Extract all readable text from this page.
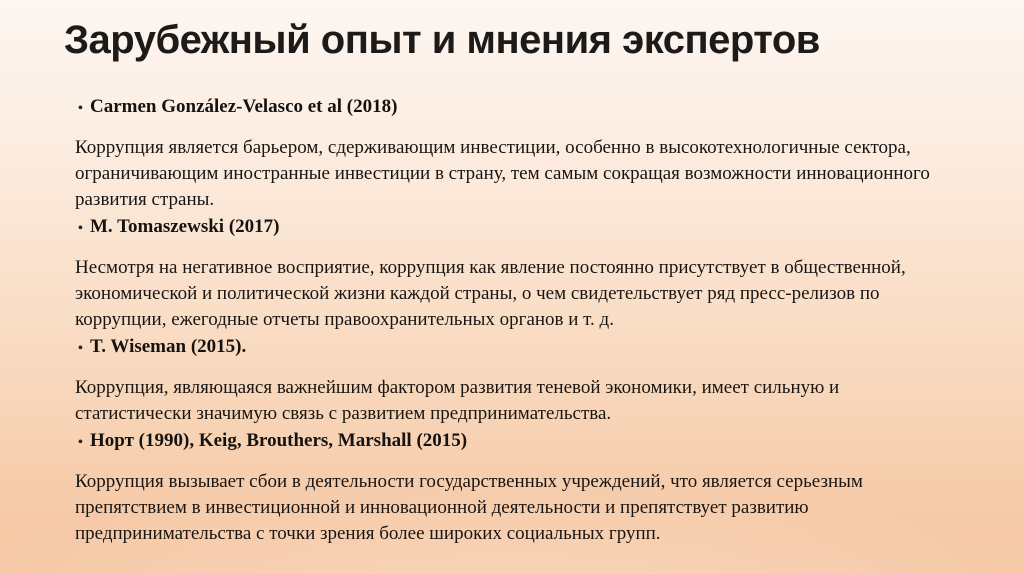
Зарубежный опыт и мнения экспертов
• Carmen González-Velasco et al (2018)

Коррупция является барьером, сдерживающим инвестиции, особенно в высокотехнологичные сектора, ограничивающим иностранные инвестиции в страну, тем самым сокращая возможности инновационного развития страны.

• M. Tomaszewski (2017)

Несмотря на негативное восприятие, коррупция как явление постоянно присутствует в общественной, экономической и политической жизни каждой страны, о чем свидетельствует ряд пресс-релизов по коррупции, ежегодные отчеты правоохранительных органов и т. д.

• T. Wiseman (2015).

Коррупция, являющаяся важнейшим фактором развития теневой экономики, имеет сильную и статистически значимую связь с развитием предпринимательства.

• Норт (1990), Keig, Brouthers, Marshall (2015)

Коррупция вызывает сбои в деятельности государственных учреждений, что является серьезным препятствием в инвестиционной и инновационной деятельности и препятствует развитию предпринимательства с точки зрения более широких социальных групп.
